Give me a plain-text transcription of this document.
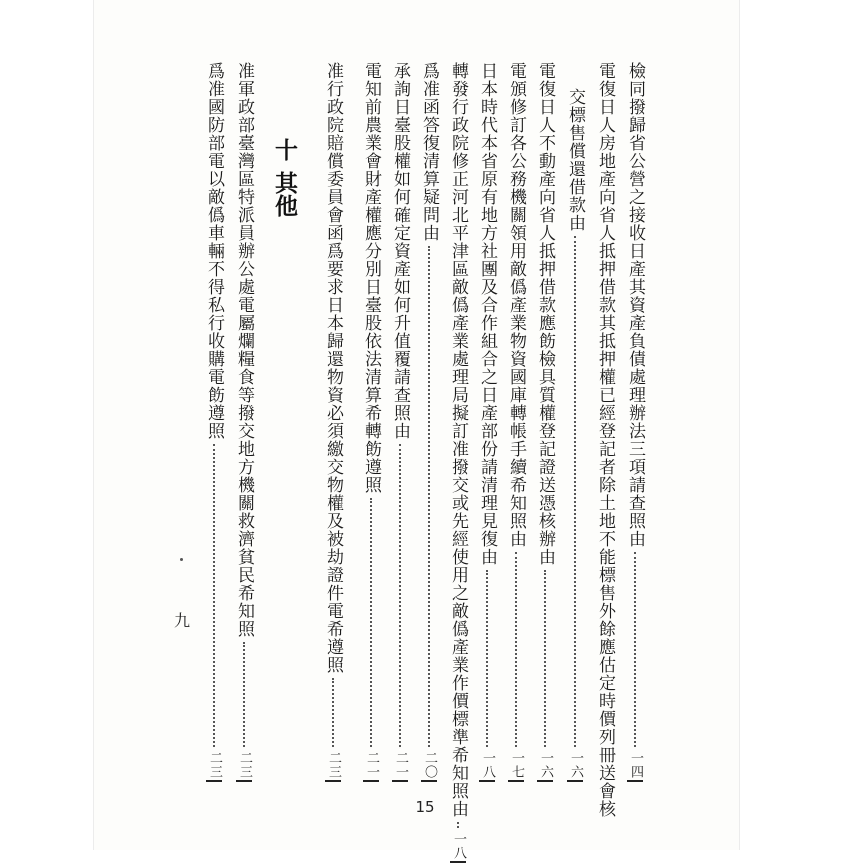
檢同撥歸省公營之接收日產其資產負債處理辦法三項請查照由
一四
電復日人房地產向省人抵押借款其抵押權已經登記者除土地不能標售外餘應估定時價列冊送會核
交標售償還借款由
一六
電復日人不動產向省人抵押借款應飭檢具質權登記證送憑核辦由
一六
電頒修訂各公務機關領用敵僞產業物資國庫轉帳手續希知照由
一七
日本時代本省原有地方社團及合作組合之日產部份請清理見復由
一八
轉發行政院修正河北平津區敵僞產業處理局擬訂准撥交或先經使用之敵僞產業作價標準希知照由
一八
爲准函答復清算疑問由
二〇
承詢日臺股權如何確定資產如何升值覆請查照由
二一
電知前農業會財產權應分別日臺股依法清算希轉飭遵照
二一
准行政院賠償委員會函爲要求日本歸還物資必須繳交物權及被劫證件電希遵照
二三
十
其他
准軍政部臺灣區特派員辦公處電屬爛糧食等撥交地方機關救濟貧民希知照
二三
爲准國防部電以敵僞車輛不得私行收購電飭遵照
二三
九
15
